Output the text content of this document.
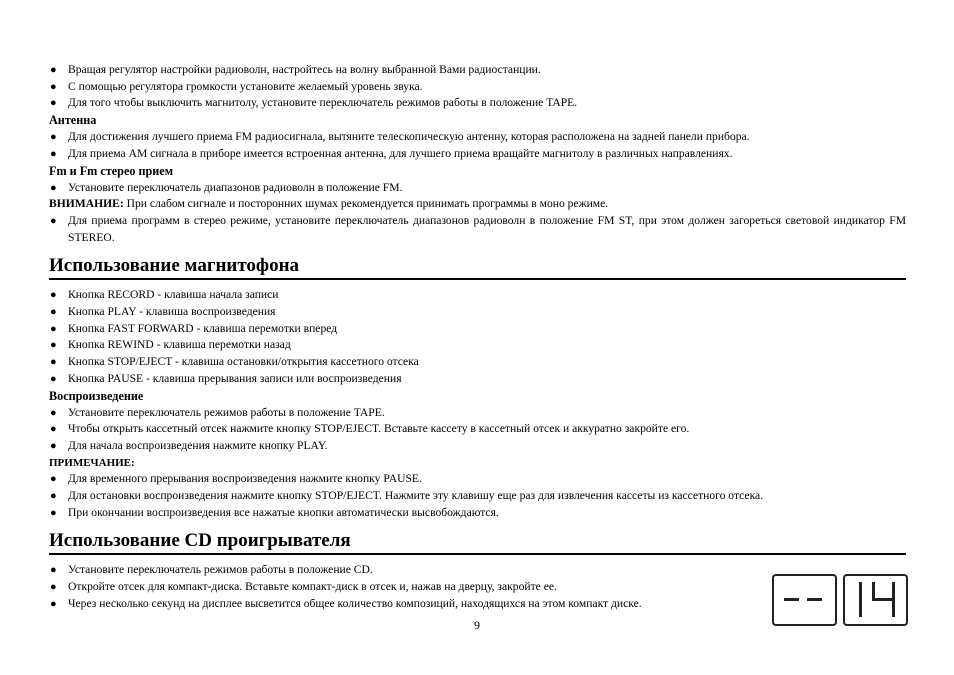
● Вращая регулятор настройки радиоволн, настройтесь на волну выбранной Вами радиостанции.
● С помощью регулятора громкости установите желаемый уровень звука.
● Для того чтобы выключить магнитолу, установите переключатель режимов работы в положение TAPE.
Антенна
● Для достижения лучшего приема FM радиосигнала, вытяните телескопическую антенну, которая расположена на задней панели прибора.
● Для приема AM сигнала в приборе имеется встроенная антенна, для лучшего приема вращайте магнитолу в различных направлениях.
Fm и Fm стерео прием
● Установите переключатель диапазонов радиоволн в положение FM.
ВНИМАНИЕ: При слабом сигнале и посторонних шумах рекомендуется принимать программы в моно режиме.
● Для приема программ в стерео режиме, установите переключатель диапазонов радиоволн в положение FM ST, при этом должен загореться световой индикатор FM STEREO.
Использование магнитофона
● Кнопка RECORD - клавиша начала записи
● Кнопка PLAY - клавиша воспроизведения
● Кнопка FAST FORWARD - клавиша перемотки вперед
● Кнопка REWIND - клавиша перемотки назад
● Кнопка STOP/EJECT - клавиша остановки/открытия кассетного отсека
● Кнопка PAUSE - клавиша прерывания записи или воспроизведения
Воспроизведение
● Установите переключатель режимов работы в положение TAPE.
● Чтобы открыть кассетный отсек нажмите кнопку STOP/EJECT. Вставьте кассету в кассетный отсек и аккуратно закройте его.
● Для начала воспроизведения нажмите кнопку PLAY.
ПРИМЕЧАНИЕ:
● Для временного прерывания воспроизведения нажмите кнопку PAUSE.
● Для остановки воспроизведения нажмите кнопку STOP/EJECT. Нажмите эту клавишу еще раз для извлечения кассеты из кассетного отсека.
● При окончании воспроизведения все нажатые кнопки автоматически высвобождаются.
Использование CD проигрывателя
● Установите переключатель режимов работы в положение CD.
● Откройте отсек для компакт-диска. Вставьте компакт-диск в отсек и, нажав на дверцу, закройте ее.
● Через несколько секунд на дисплее высветится общее количество композиций, находящихся на этом компакт диске.
9
